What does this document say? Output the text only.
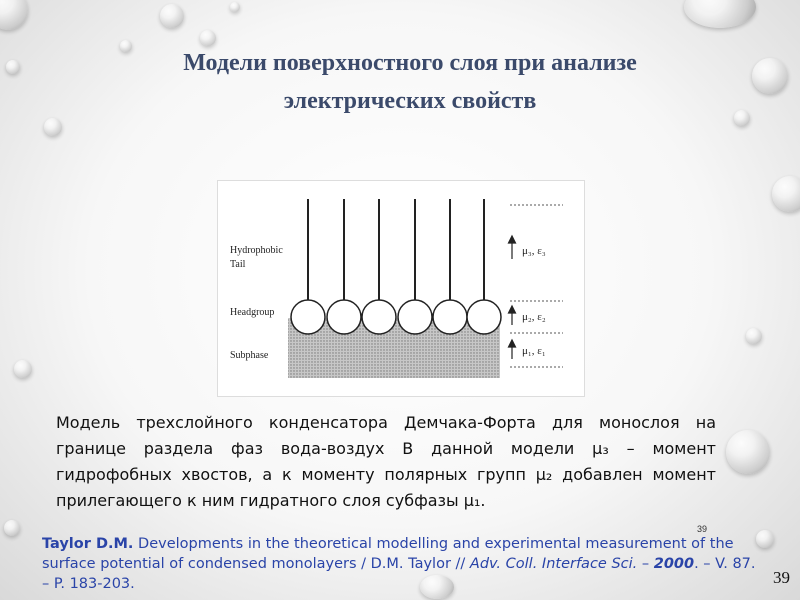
Модели поверхностного слоя при анализе электрических свойств
Hydrophobic
Tail
Headgroup
Subphase
μ₃, ε₃
μ₂, ε₂
μ₁, ε₁
Модель трехслойного конденсатора Демчака-Форта для монослоя на границе раздела фаз вода-воздух В данной модели μ₃ – момент гидрофобных хвостов, а к моменту полярных групп μ₂ добавлен момент прилегающего к ним гидратного слоя субфазы μ₁.
39
Taylor D.M. Developments in the theoretical modelling and experimental measurement of the surface potential of condensed monolayers / D.M. Taylor // Adv. Coll. Interface Sci. – 2000. – V. 87. – P. 183-203.	39
